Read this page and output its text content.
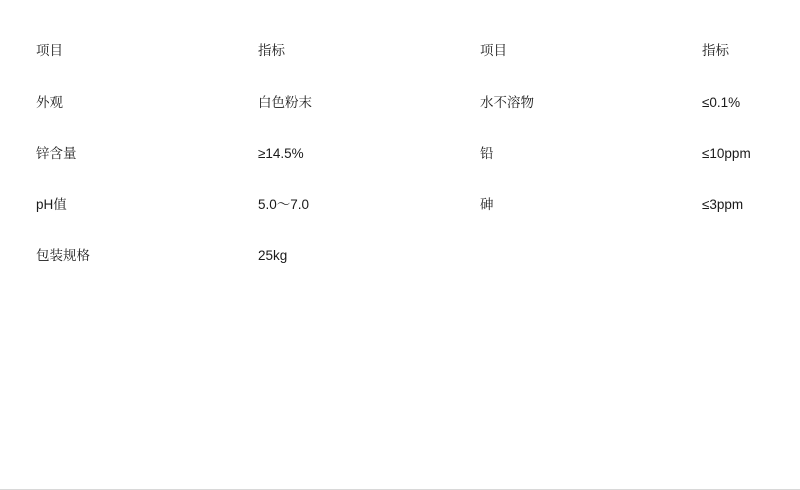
项目	指标	项目	指标
外观	白色粉末	水不溶物	≤0.1%
锌含量	≥14.5%	铅	≤10ppm
pH值	5.0～7.0	砷	≤3ppm
包装规格	25kg		
